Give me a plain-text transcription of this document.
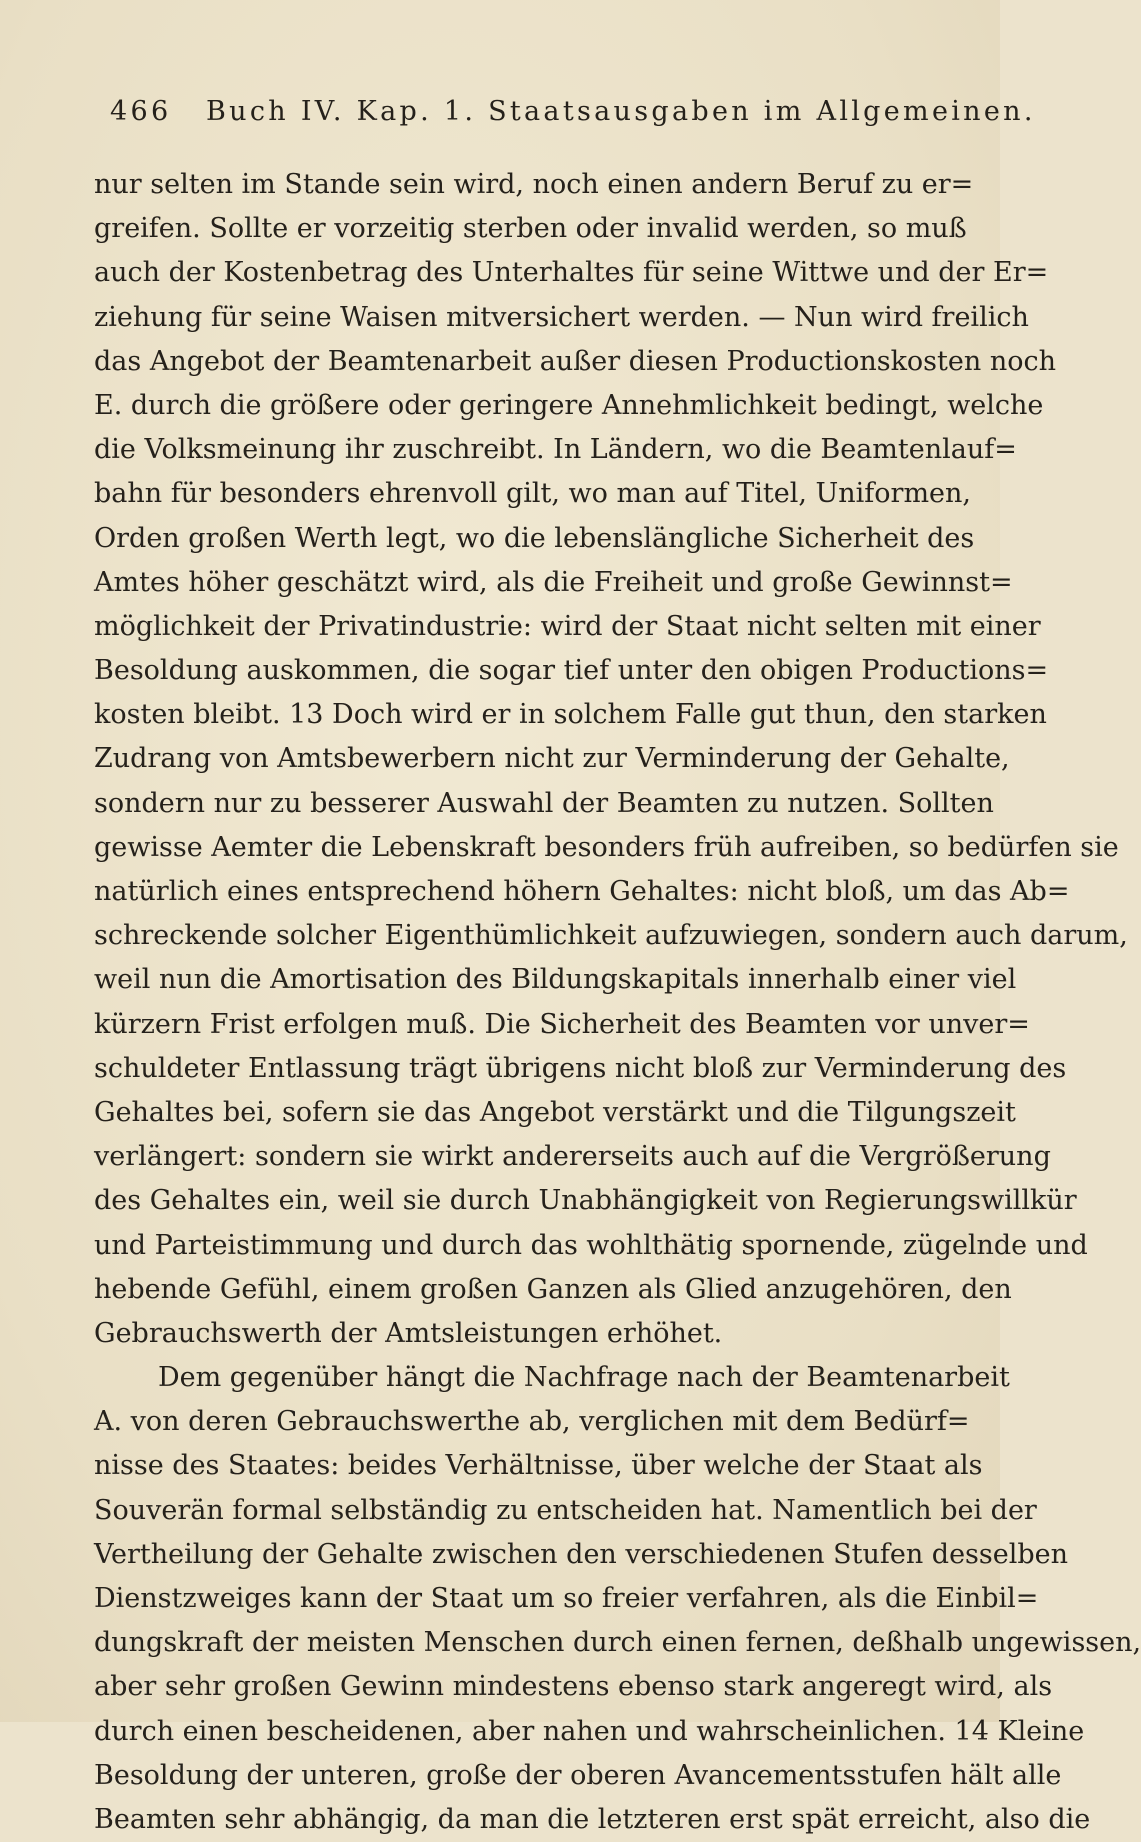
466 Buch IV. Kap. 1. Staatsausgaben im Allgemeinen.
nur selten im Stande sein wird, noch einen andern Beruf zu er=
greifen. Sollte er vorzeitig sterben oder invalid werden, so muß
auch der Kostenbetrag des Unterhaltes für seine Wittwe und der Er=
ziehung für seine Waisen mitversichert werden. — Nun wird freilich
das Angebot der Beamtenarbeit außer diesen Productionskosten noch
E. durch die größere oder geringere Annehmlichkeit bedingt, welche
die Volksmeinung ihr zuschreibt. In Ländern, wo die Beamtenlauf=
bahn für besonders ehrenvoll gilt, wo man auf Titel, Uniformen,
Orden großen Werth legt, wo die lebenslängliche Sicherheit des
Amtes höher geschätzt wird, als die Freiheit und große Gewinnst=
möglichkeit der Privatindustrie: wird der Staat nicht selten mit einer
Besoldung auskommen, die sogar tief unter den obigen Productions=
kosten bleibt. 13 Doch wird er in solchem Falle gut thun, den starken
Zudrang von Amtsbewerbern nicht zur Verminderung der Gehalte,
sondern nur zu besserer Auswahl der Beamten zu nutzen. Sollten
gewisse Aemter die Lebenskraft besonders früh aufreiben, so bedürfen sie
natürlich eines entsprechend höhern Gehaltes: nicht bloß, um das Ab=
schreckende solcher Eigenthümlichkeit aufzuwiegen, sondern auch darum,
weil nun die Amortisation des Bildungskapitals innerhalb einer viel
kürzern Frist erfolgen muß. Die Sicherheit des Beamten vor unver=
schuldeter Entlassung trägt übrigens nicht bloß zur Verminderung des
Gehaltes bei, sofern sie das Angebot verstärkt und die Tilgungszeit
verlängert: sondern sie wirkt andererseits auch auf die Vergrößerung
des Gehaltes ein, weil sie durch Unabhängigkeit von Regierungswillkür
und Parteistimmung und durch das wohlthätig spornende, zügelnde und
hebende Gefühl, einem großen Ganzen als Glied anzugehören, den
Gebrauchswerth der Amtsleistungen erhöhet.
Dem gegenüber hängt die Nachfrage nach der Beamtenarbeit
A. von deren Gebrauchswerthe ab, verglichen mit dem Bedürf=
nisse des Staates: beides Verhältnisse, über welche der Staat als
Souverän formal selbständig zu entscheiden hat. Namentlich bei der
Vertheilung der Gehalte zwischen den verschiedenen Stufen desselben
Dienstzweiges kann der Staat um so freier verfahren, als die Einbil=
dungskraft der meisten Menschen durch einen fernen, deßhalb ungewissen,
aber sehr großen Gewinn mindestens ebenso stark angeregt wird, als
durch einen bescheidenen, aber nahen und wahrscheinlichen. 14 Kleine
Besoldung der unteren, große der oberen Avancementsstufen hält alle
Beamten sehr abhängig, da man die letzteren erst spät erreicht, also die
